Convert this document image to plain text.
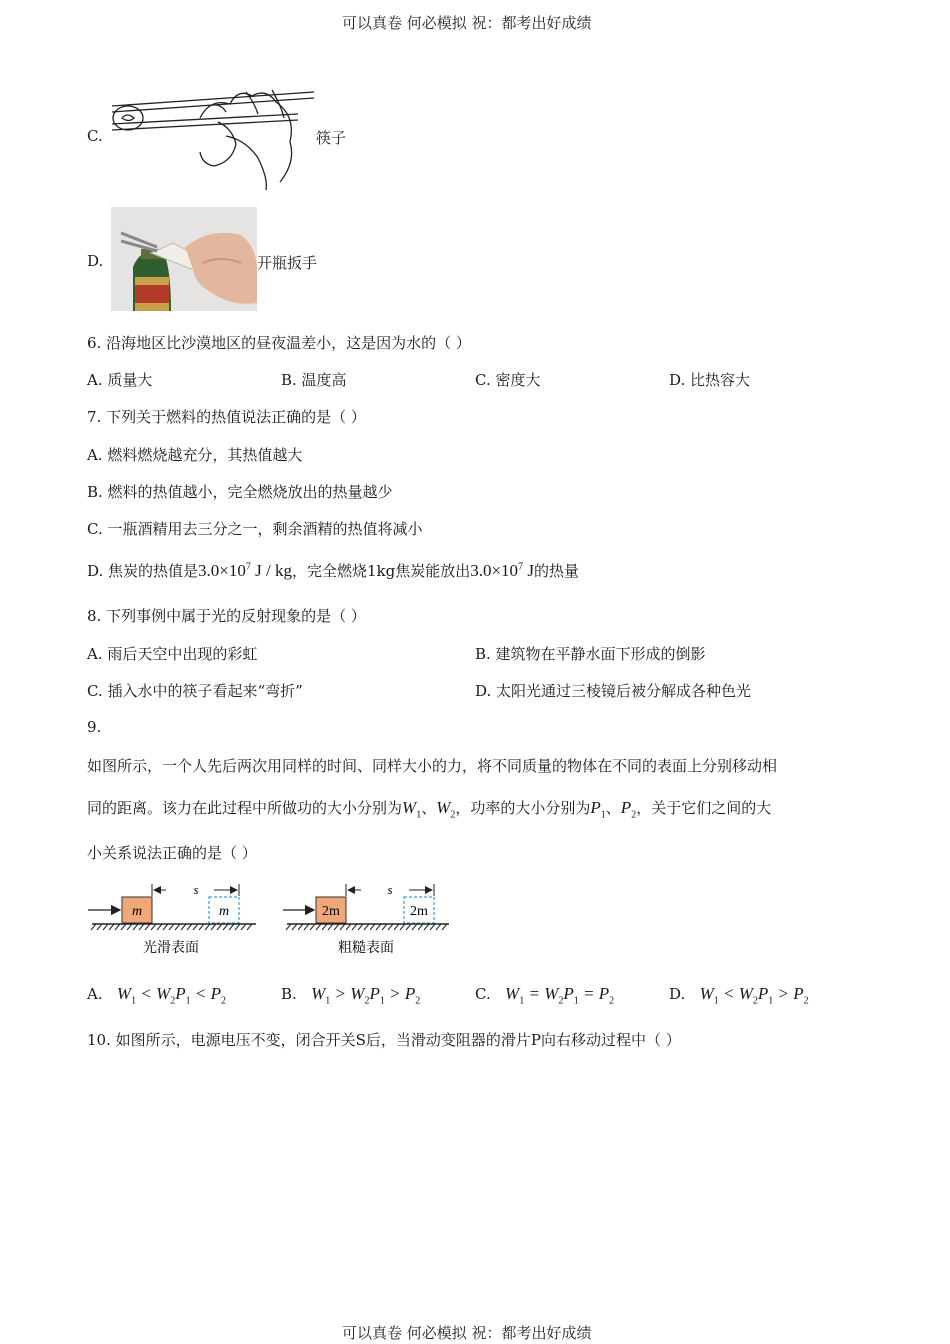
可以真卷 何必模拟 祝：都考出好成绩
可以真卷 何必模拟 祝：都考出好成绩
C.	筷子
D.	开瓶扳手
6. 沿海地区比沙漠地区的昼夜温差小，这是因为水的（ ）
A. 质量大	B. 温度高	C. 密度大	D. 比热容大
7. 下列关于燃料的热值说法正确的是（ ）
A. 燃料燃烧越充分，其热值越大
B. 燃料的热值越小，完全燃烧放出的热量越少
C. 一瓶酒精用去三分之一，剩余酒精的热值将减小
D. 焦炭的热值是$3.0\times 10^7$ J / kg，完全燃烧1kg焦炭能放出$3.0\times 10^7$ J的热量
8. 下列事例中属于光的反射现象的是（ ）
A. 雨后天空中出现的彩虹	B. 建筑物在平静水面下形成的倒影
C. 插入水中的筷子看起来“弯折”	D. 太阳光通过三棱镜后被分解成各种色光
9.
如图所示，一个人先后两次用同样的时间、同样大小的力，将不同质量的物体在不同的表面上分别移动相
同的距离。该力在此过程中所做功的大小分别为$W_1$、$W_2$，功率的大小分别为$P_1$、$P_2$，关于它们之间的大
小关系说法正确的是（ ）
m	m
s
光滑表面
2m	2m
s
粗糙表面
A. $W_1 < W_2P_1 < P_2$	B. $W_1 > W_2P_1 > P_2$	C. $W_1 = W_2P_1 = P_2$	D. $W_1 < W_2P_1 > P_2$
10. 如图所示，电源电压不变，闭合开关S后，当滑动变阻器的滑片P向右移动过程中（ ）
